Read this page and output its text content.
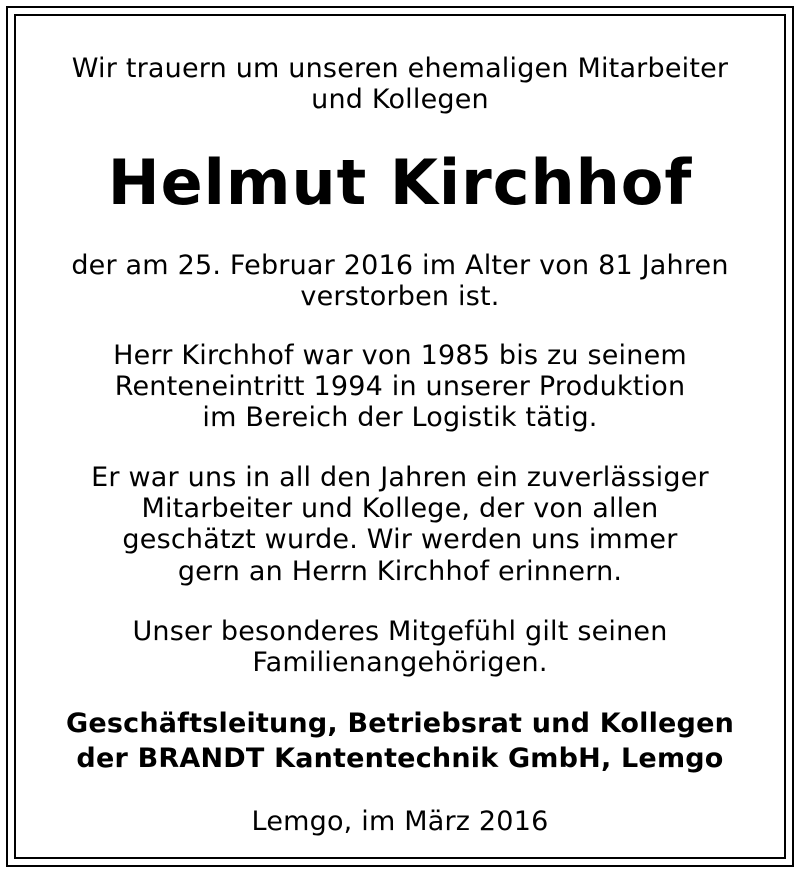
Wir trauern um unseren ehemaligen Mitarbeiter
und Kollegen
Helmut Kirchhof
der am 25. Februar 2016 im Alter von 81 Jahren
verstorben ist.
Herr Kirchhof war von 1985 bis zu seinem
Renteneintritt 1994 in unserer Produktion
im Bereich der Logistik tätig.
Er war uns in all den Jahren ein zuverlässiger
Mitarbeiter und Kollege, der von allen
geschätzt wurde. Wir werden uns immer
gern an Herrn Kirchhof erinnern.
Unser besonderes Mitgefühl gilt seinen
Familienangehörigen.
Geschäftsleitung, Betriebsrat und Kollegen
der BRANDT Kantentechnik GmbH, Lemgo
Lemgo, im März 2016
